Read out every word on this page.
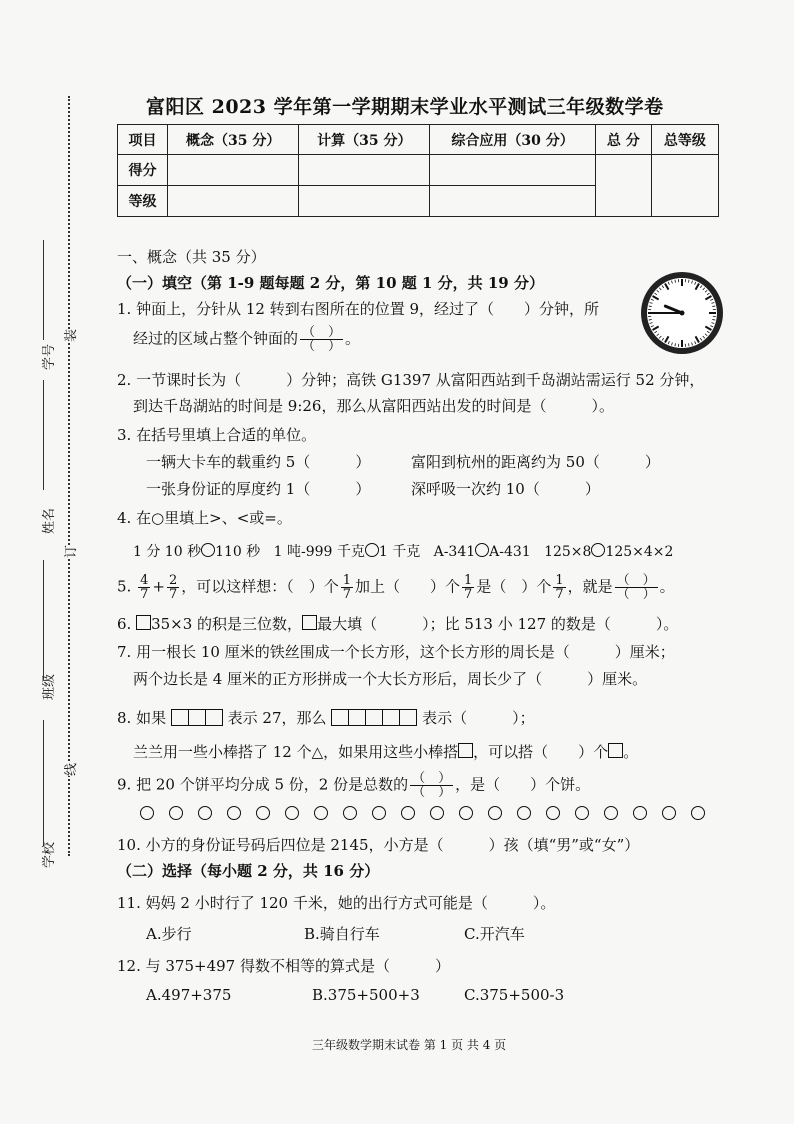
学校
班级
姓名
学号
装
订
线
富阳区 2023 学年第一学期期末学业水平测试三年级数学卷
项目	概念（35 分）	计算（35 分）	综合应用（30 分）	总 分	总等级
得分					
等级					
一、概念（共 35 分）
（一）填空（第 1-9 题每题 2 分，第 10 题 1 分，共 19 分）
1. 钟面上，分针从 12 转到右图所在的位置 9，经过了（　　）分钟，所
经过的区域占整个钟面的 $\frac{( )}{( )}$ 。
2. 一节课时长为（　　　）分钟；高铁 G1397 从富阳西站到千岛湖站需运行 52 分钟，
到达千岛湖站的时间是 9:26，那么从富阳西站出发的时间是（　　　）。
3. 在括号里填上合适的单位。
一辆大卡车的载重约 5（　　　）	富阳到杭州的距离约为 50（　　　）
一张身份证的厚度约 1（　　　）	深呼吸一次约 10（　　　）
4. 在○里填上>、<或=。
1 分 10 秒 110 秒 1 吨-999 千克 1 千克 A-341 A-431 125×8 125×4×2
5. $\frac{4}{7} + \frac{2}{7}$ ，可以这样想：（　）个 $\frac{1}{7}$ 加上（　　）个 $\frac{1}{7}$ 是（　）个 $\frac{1}{7}$ ，就是 $\frac{( )}{( )}$ 。
6. 35×3 的积是三位数， 最大填（　　　）；比 513 小 127 的数是（　　　）。
7. 用一根长 10 厘米的铁丝围成一个长方形，这个长方形的周长是（　　　）厘米；
两个边长是 4 厘米的正方形拼成一个大长方形后，周长少了（　　　）厘米。
8. 如果	表示 27，那么	表示（　　　）；
兰兰用一些小棒搭了 12 个△，如果用这些小棒搭 ，可以搭（　　）个 。
9. 把 20 个饼平均分成 5 份，2 份是总数的 $\frac{( )}{( )}$ ，是（　　）个饼。
10. 小方的身份证号码后四位是 2145，小方是（　　　）孩（填“男”或“女”）
（二）选择（每小题 2 分，共 16 分）
11. 妈妈 2 小时行了 120 千米，她的出行方式可能是（　　　）。
A.步行	B.骑自行车	C.开汽车
12. 与 375+497 得数不相等的算式是（　　　）
A.497+375	B.375+500+3	C.375+500-3
三年级数学期末试卷 第 1 页 共 4 页
